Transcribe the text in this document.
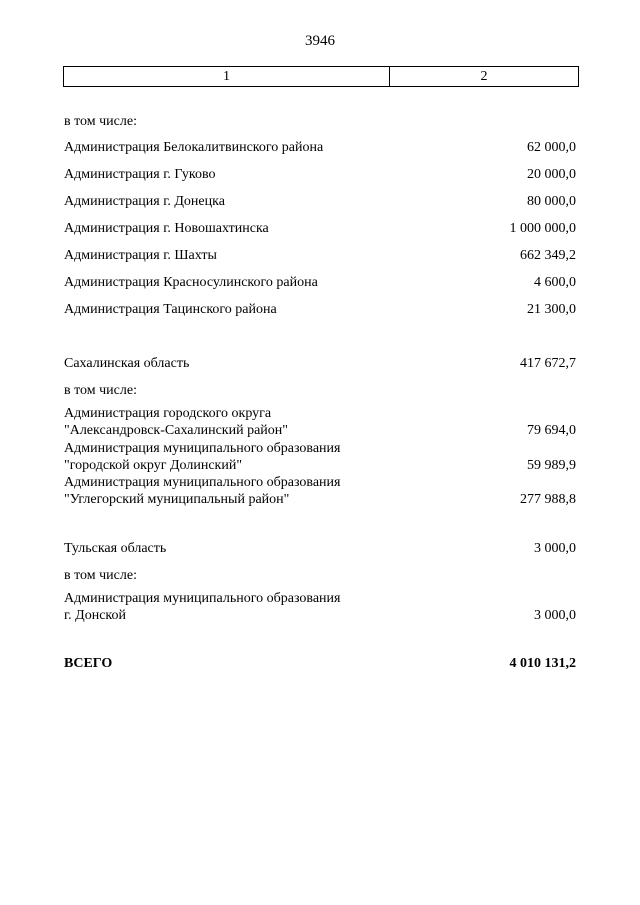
3946
1	2
в том числе:
Администрация Белокалитвинского района	62 000,0
Администрация г. Гуково	20 000,0
Администрация г. Донецка	80 000,0
Администрация г. Новошахтинска	1 000 000,0
Администрация г. Шахты	662 349,2
Администрация Красносулинского района	4 600,0
Администрация Тацинского района	21 300,0
Сахалинская область	417 672,7
в том числе:
Администрация городского округа
"Александровск-Сахалинский район"	79 694,0
Администрация муниципального образования
"городской округ Долинский"	59 989,9
Администрация муниципального образования
"Углегорский муниципальный район"	277 988,8
Тульская область	3 000,0
в том числе:
Администрация муниципального образования
г. Донской	3 000,0
ВСЕГО	4 010 131,2
